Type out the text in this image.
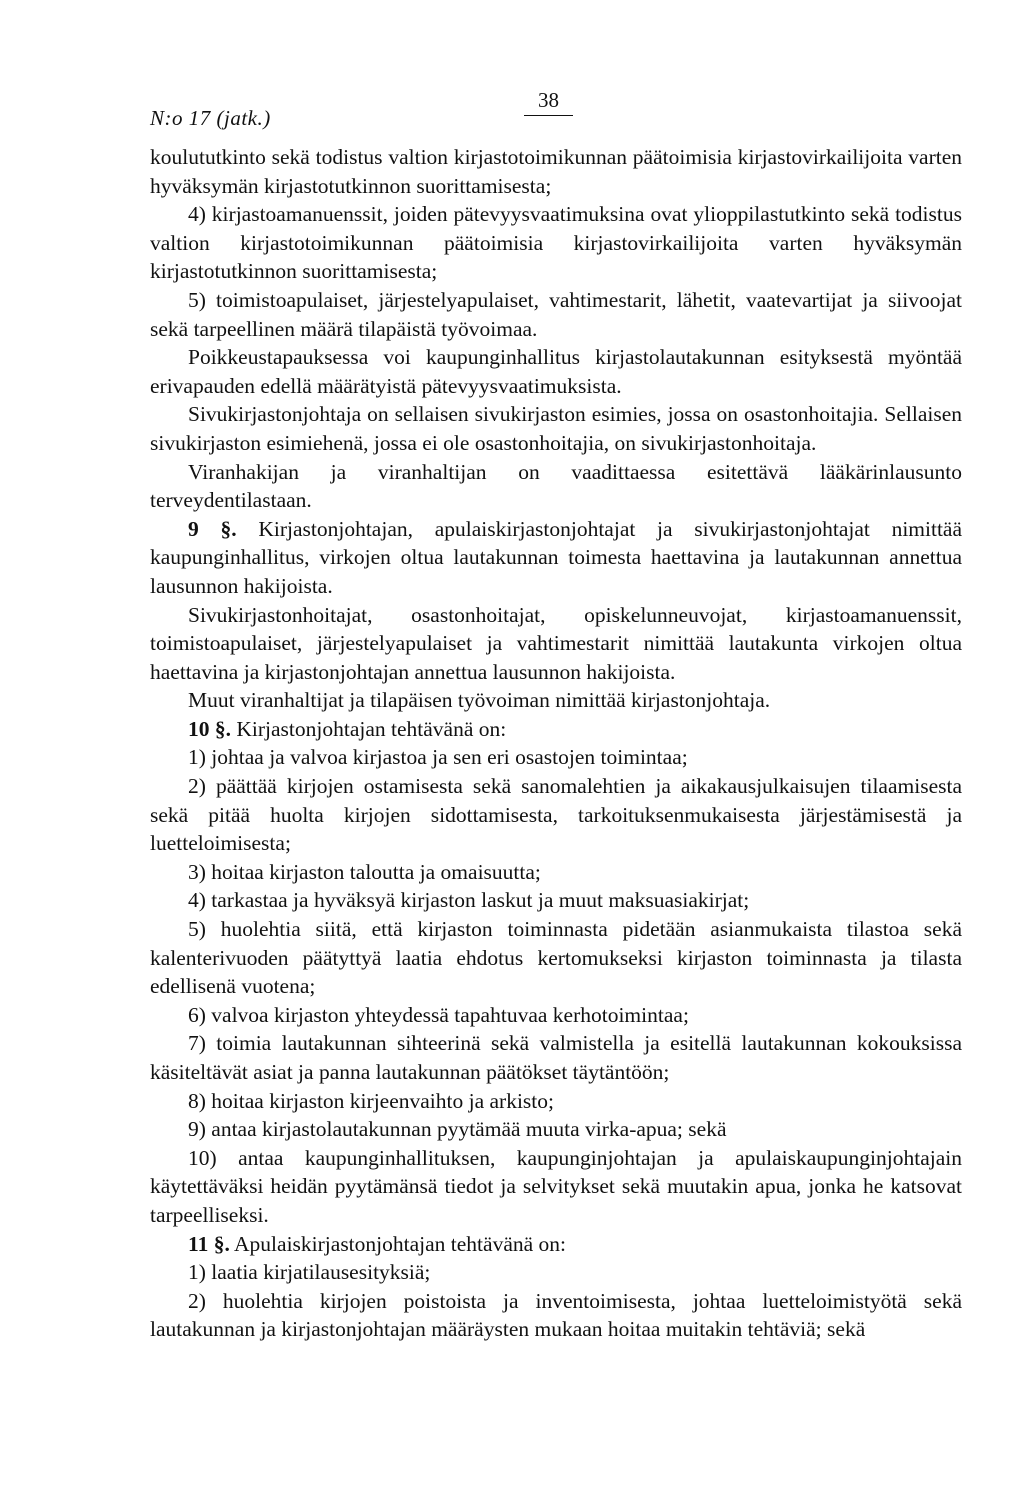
N:o 17 (jatk.)
38

koulututkinto sekä todistus valtion kirjastotoimikunnan päätoimisia kirjastovirkailijoita varten hyväksymän kirjastotutkinnon suorittamisesta;

4) kirjastoamanuenssit, joiden pätevyysvaatimuksina ovat ylioppilastutkinto sekä todistus valtion kirjastotoimikunnan päätoimisia kirjastovirkailijoita varten hyväksymän kirjastotutkinnon suorittamisesta;

5) toimistoapulaiset, järjestelyapulaiset, vahtimestarit, lähetit, vaatevartijat ja siivoojat sekä tarpeellinen määrä tilapäistä työvoimaa.

Poikkeustapauksessa voi kaupunginhallitus kirjastolautakunnan esityksestä myöntää erivapauden edellä määrätyistä pätevyysvaatimuksista.

Sivukirjastonjohtaja on sellaisen sivukirjaston esimies, jossa on osastonhoitajia. Sellaisen sivukirjaston esimiehenä, jossa ei ole osastonhoitajia, on sivukirjastonhoitaja.

Viranhakijan ja viranhaltijan on vaadittaessa esitettävä lääkärinlausunto terveydentilastaan.

9 §. Kirjastonjohtajan, apulaiskirjastonjohtajat ja sivukirjastonjohtajat nimittää kaupunginhallitus, virkojen oltua lautakunnan toimesta haettavina ja lautakunnan annettua lausunnon hakijoista.

Sivukirjastonhoitajat, osastonhoitajat, opiskelunneuvojat, kirjastoamanuenssit, toimistoapulaiset, järjestelyapulaiset ja vahtimestarit nimittää lautakunta virkojen oltua haettavina ja kirjastonjohtajan annettua lausunnon hakijoista.

Muut viranhaltijat ja tilapäisen työvoiman nimittää kirjastonjohtaja.

10 §. Kirjastonjohtajan tehtävänä on:

1) johtaa ja valvoa kirjastoa ja sen eri osastojen toimintaa;

2) päättää kirjojen ostamisesta sekä sanomalehtien ja aikakausjulkaisujen tilaamisesta sekä pitää huolta kirjojen sidottamisesta, tarkoituksenmukaisesta järjestämisestä ja luetteloimisesta;

3) hoitaa kirjaston taloutta ja omaisuutta;

4) tarkastaa ja hyväksyä kirjaston laskut ja muut maksuasiakirjat;

5) huolehtia siitä, että kirjaston toiminnasta pidetään asianmukaista tilastoa sekä kalenterivuoden päätyttyä laatia ehdotus kertomukseksi kirjaston toiminnasta ja tilasta edellisenä vuotena;

6) valvoa kirjaston yhteydessä tapahtuvaa kerhotoimintaa;

7) toimia lautakunnan sihteerinä sekä valmistella ja esitellä lautakunnan kokouksissa käsiteltävät asiat ja panna lautakunnan päätökset täytäntöön;

8) hoitaa kirjaston kirjeenvaihto ja arkisto;

9) antaa kirjastolautakunnan pyytämää muuta virka-apua; sekä

10) antaa kaupunginhallituksen, kaupunginjohtajan ja apulaiskaupunginjohtajain käytettäväksi heidän pyytämänsä tiedot ja selvitykset sekä muutakin apua, jonka he katsovat tarpeelliseksi.

11 §. Apulaiskirjastonjohtajan tehtävänä on:

1) laatia kirjatilausesityksiä;

2) huolehtia kirjojen poistoista ja inventoimisesta, johtaa luetteloimistyötä sekä lautakunnan ja kirjastonjohtajan määräysten mukaan hoitaa muitakin tehtäviä; sekä
